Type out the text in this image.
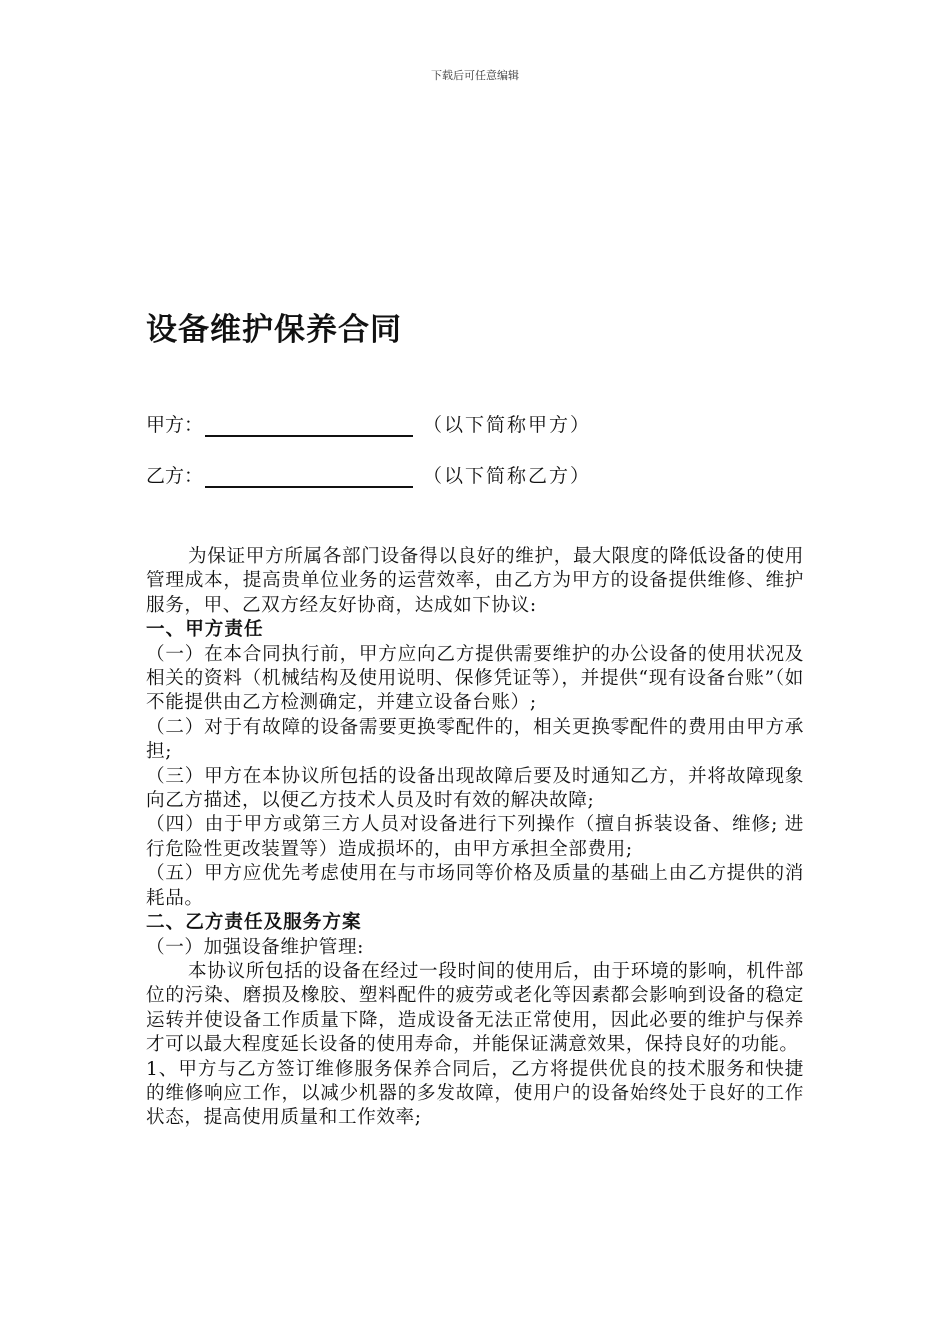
下载后可任意编辑
设备维护保养合同
甲方：	（以下简称甲方）
乙方：	（以下简称乙方）

为保证甲方所属各部门设备得以良好的维护，最大限度的降低设备的使用管理成本，提高贵单位业务的运营效率，由乙方为甲方的设备提供维修、维护服务，甲、乙双方经友好协商，达成如下协议:

一、甲方责任

（一）在本合同执行前，甲方应向乙方提供需要维护的办公设备的使用状况及相关的资料（机械结构及使用说明、保修凭证等），并提供“现有设备台账”（如不能提供由乙方检测确定，并建立设备台账）;

（二）对于有故障的设备需要更换零配件的，相关更换零配件的费用由甲方承担;

（三）甲方在本协议所包括的设备出现故障后要及时通知乙方，并将故障现象向乙方描述，以便乙方技术人员及时有效的解决故障;

（四）由于甲方或第三方人员对设备进行下列操作（擅自拆装设备、维修; 进行危险性更改装置等）造成损坏的，由甲方承担全部费用;

（五）甲方应优先考虑使用在与市场同等价格及质量的基础上由乙方提供的消耗品。

二、乙方责任及服务方案

（一）加强设备维护管理:

本协议所包括的设备在经过一段时间的使用后，由于环境的影响，机件部位的污染、磨损及橡胶、塑料配件的疲劳或老化等因素都会影响到设备的稳定运转并使设备工作质量下降，造成设备无法正常使用，因此必要的维护与保养才可以最大程度延长设备的使用寿命，并能保证满意效果，保持良好的功能。

1、甲方与乙方签订维修服务保养合同后，乙方将提供优良的技术服务和快捷的维修响应工作，以减少机器的多发故障，使用户的设备始终处于良好的工作状态，提高使用质量和工作效率;
